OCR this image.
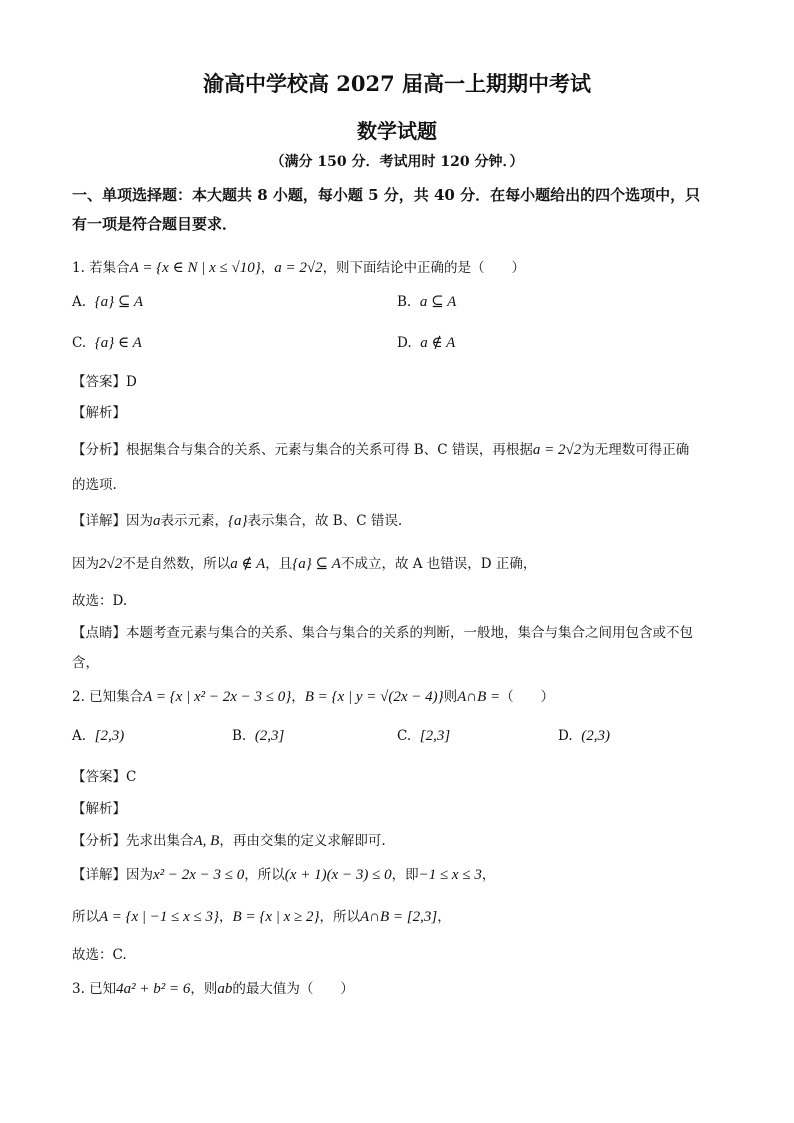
渝高中学校高 2027 届高一上期期中考试
数学试题
（满分 150 分．考试用时 120 分钟．）
一、单项选择题：本大题共 8 小题，每小题 5 分，共 40 分．在每小题给出的四个选项中，只
有一项是符合题目要求．
1. 若集合A = {x ∈ N | x ≤ √10}，a = 2√2，则下面结论中正确的是（　　）
A. {a} ⊆ A	B. a ⊆ A
C. {a} ∈ A	D. a ∉ A
【答案】D
【解析】
【分析】根据集合与集合的关系、元素与集合的关系可得 B、C 错误，再根据a = 2√2为无理数可得正确
的选项.
【详解】因为a表示元素，{a}表示集合，故 B、C 错误.
因为2√2不是自然数，所以a ∉ A，且{a} ⊆ A不成立，故 A 也错误，D 正确，
故选：D.
【点睛】本题考查元素与集合的关系、集合与集合的关系的判断，一般地，集合与集合之间用包含或不包
含，
2. 已知集合A = {x | x² − 2x − 3 ≤ 0}，B = {x | y = √(2x − 4)}则A∩B =（　　）
A. [2,3)	B. (2,3]	C. [2,3]	D. (2,3)
【答案】C
【解析】
【分析】先求出集合A, B，再由交集的定义求解即可.
【详解】因为x² − 2x − 3 ≤ 0，所以(x + 1)(x − 3) ≤ 0，即−1 ≤ x ≤ 3，
所以A = {x | −1 ≤ x ≤ 3}，B = {x | x ≥ 2}，所以A∩B = [2,3]，
故选：C.
3. 已知4a² + b² = 6，则ab的最大值为（　　）
